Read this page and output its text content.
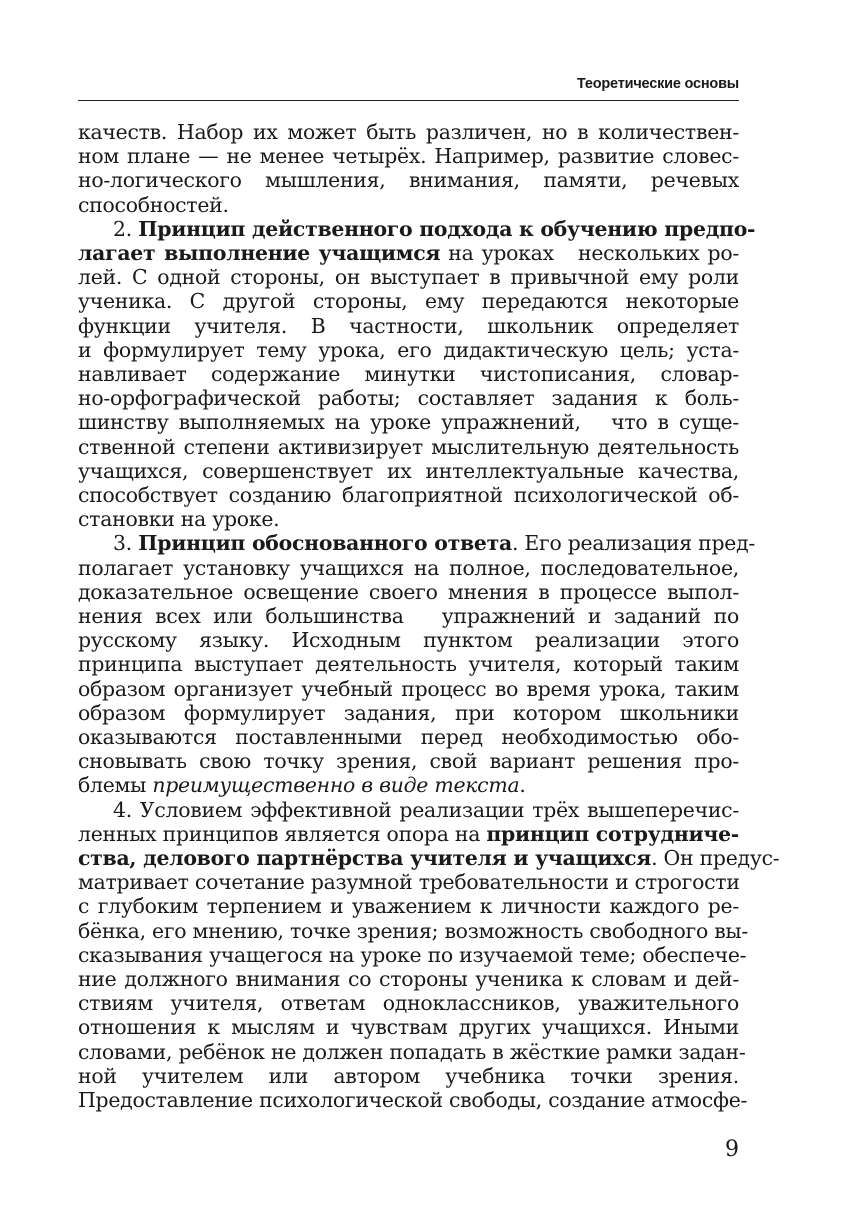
Теоретические основы
качеств. Набор их может быть различен, но в количествен-
ном плане — не менее четырёх. Например, развитие словес-
но-логического мышления, внимания, памяти, речевых
способностей.
2. Принцип действенного подхода к обучению предпо-
лагает выполнение учащимся на уроках   нескольких ро-
лей. С одной стороны, он выступает в привычной ему роли
ученика. С другой стороны, ему передаются некоторые
функции учителя. В частности, школьник определяет
и формулирует тему урока, его дидактическую цель; уста-
навливает содержание минутки чистописания, словар-
но-орфографической работы; составляет задания к боль-
шинству выполняемых на уроке упражнений,   что в суще-
ственной степени активизирует мыслительную деятельность
учащихся, совершенствует их интеллектуальные качества,
способствует созданию благоприятной психологической об-
становки на уроке.
3. Принцип обоснованного ответа. Его реализация пред-
полагает установку учащихся на полное, последовательное,
доказательное освещение своего мнения в процессе выпол-
нения всех или большинства   упражнений и заданий по
русскому языку. Исходным пунктом реализации этого
принципа выступает деятельность учителя, который таким
образом организует учебный процесс во время урока, таким
образом формулирует задания, при котором школьники
оказываются поставленными перед необходимостью обо-
сновывать свою точку зрения, свой вариант решения про-
блемы преимущественно в виде текста.
4. Условием эффективной реализации трёх вышеперечис-
ленных принципов является опора на принцип сотрудниче-
ства, делового партнёрства учителя и учащихся. Он предус-
матривает сочетание разумной требовательности и строгости
с глубоким терпением и уважением к личности каждого ре-
бёнка, его мнению, точке зрения; возможность свободного вы-
сказывания учащегося на уроке по изучаемой теме; обеспече-
ние должного внимания со стороны ученика к словам и дей-
ствиям учителя, ответам одноклассников, уважительного
отношения к мыслям и чувствам других учащихся. Иными
словами, ребёнок не должен попадать в жёсткие рамки задан-
ной учителем или автором учебника точки зрения.
Предоставление психологической свободы, создание атмосфе-
9
